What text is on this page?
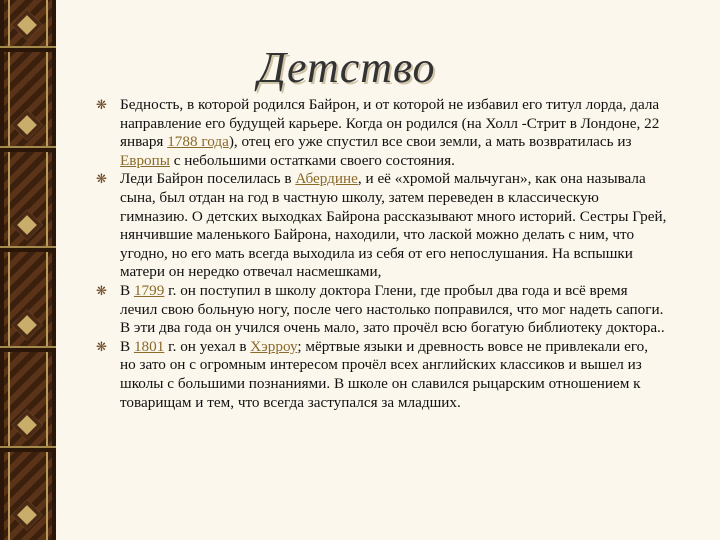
Детство
❋ Бедность, в которой родился Байрон, и от которой не избавил его титул лорда, дала направление его будущей карьере. Когда он родился (на Холл -Стрит в Лондоне, 22 января 1788 года), отец его уже спустил все свои земли, а мать возвратилась из Европы с небольшими остатками своего состояния.
❋ Леди Байрон поселилась в Абердине, и её «хромой мальчуган», как она называла сына, был отдан на год в частную школу, затем переведен в классическую гимназию. О детских выходках Байрона рассказывают много историй. Сестры Грей, нянчившие маленького Байрона, находили, что лаской можно делать с ним, что угодно, но его мать всегда выходила из себя от его непослушания. На вспышки матери он нередко отвечал насмешками,
❋ В 1799 г. он поступил в школу доктора Глени, где пробыл два года и всё время лечил свою больную ногу, после чего настолько поправился, что мог надеть сапоги. В эти два года он учился очень мало, зато прочёл всю богатую библиотеку доктора..
❋ В 1801 г. он уехал в Хэрроу; мёртвые языки и древность вовсе не привлекали его, но зато он с огромным интересом прочёл всех английских классиков и вышел из школы с большими познаниями. В школе он славился рыцарским отношением к товарищам и тем, что всегда заступался за младших.
